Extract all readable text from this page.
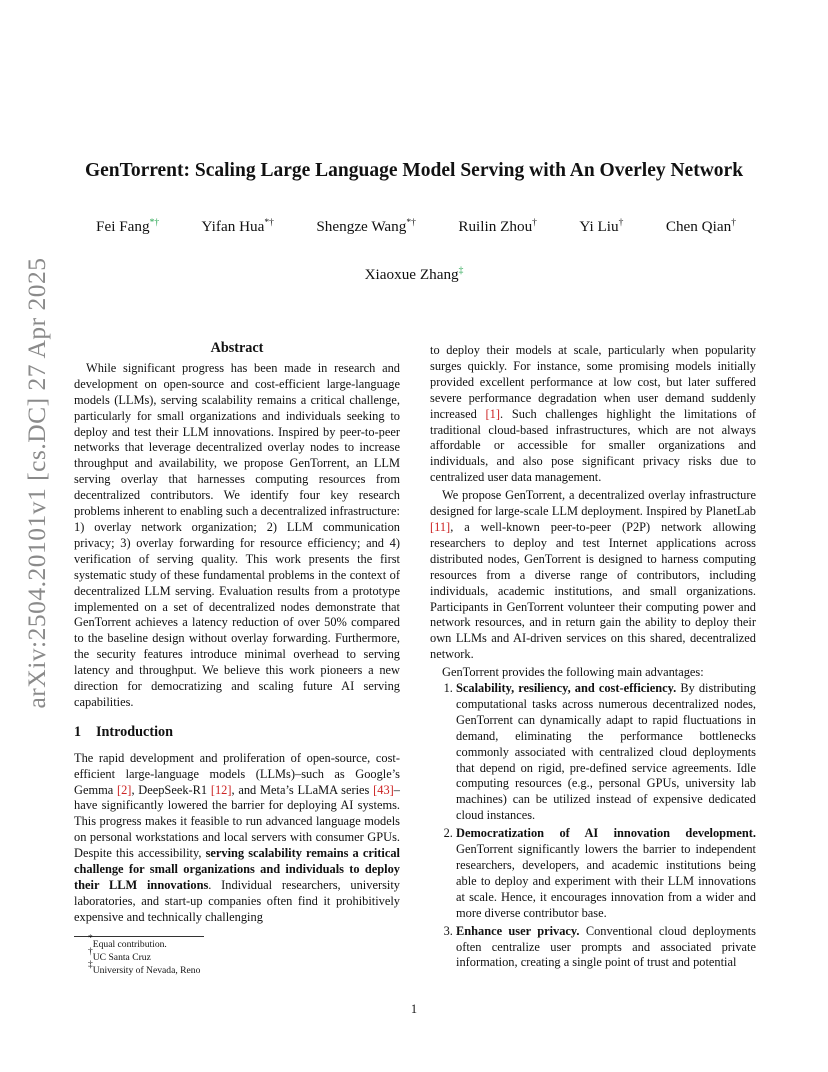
arXiv:2504.20101v1 [cs.DC] 27 Apr 2025
GenTorrent: Scaling Large Language Model Serving with An Overley Network
Fei Fang*†	Yifan Hua*†	Shengze Wang*†	Ruilin Zhou†	Yi Liu†	Chen Qian†
Xiaoxue Zhang‡
Abstract

While significant progress has been made in research and development on open-source and cost-efficient large-language models (LLMs), serving scalability remains a critical challenge, particularly for small organizations and individuals seeking to deploy and test their LLM innovations. Inspired by peer-to-peer networks that leverage decentralized overlay nodes to increase throughput and availability, we propose GenTorrent, an LLM serving overlay that harnesses computing resources from decentralized contributors. We identify four key research problems inherent to enabling such a decentralized infrastructure: 1) overlay network organization; 2) LLM communication privacy; 3) overlay forwarding for resource efficiency; and 4) verification of serving quality. This work presents the first systematic study of these fundamental problems in the context of decentralized LLM serving. Evaluation results from a prototype implemented on a set of decentralized nodes demonstrate that GenTorrent achieves a latency reduction of over 50% compared to the baseline design without overlay forwarding. Furthermore, the security features introduce minimal overhead to serving latency and throughput. We believe this work pioneers a new direction for democratizing and scaling future AI serving capabilities.

1 Introduction

The rapid development and proliferation of open-source, cost-efficient large-language models (LLMs)–such as Google’s Gemma [2], DeepSeek-R1 [12], and Meta’s LLaMA series [43]–have significantly lowered the barrier for deploying AI systems. This progress makes it feasible to run advanced language models on personal workstations and local servers with consumer GPUs. Despite this accessibility, serving scalability remains a critical challenge for small organizations and individuals to deploy their LLM innovations. Individual researchers, university laboratories, and start-up companies often find it prohibitively expensive and technically challenging

to deploy their models at scale, particularly when popularity surges quickly. For instance, some promising models initially provided excellent performance at low cost, but later suffered severe performance degradation when user demand suddenly increased [1]. Such challenges highlight the limitations of traditional cloud-based infrastructures, which are not always affordable or accessible for smaller organizations and individuals, and also pose significant privacy risks due to centralized user data management.

We propose GenTorrent, a decentralized overlay infrastructure designed for large-scale LLM deployment. Inspired by PlanetLab [11], a well-known peer-to-peer (P2P) network allowing researchers to deploy and test Internet applications across distributed nodes, GenTorrent is designed to harness computing resources from a diverse range of contributors, including individuals, academic institutions, and small organizations. Participants in GenTorrent volunteer their computing power and network resources, and in return gain the ability to deploy their own LLMs and AI-driven services on this shared, decentralized network.

GenTorrent provides the following main advantages:

1. Scalability, resiliency, and cost-efficiency. By distributing computational tasks across numerous decentralized nodes, GenTorrent can dynamically adapt to rapid fluctuations in demand, eliminating the performance bottlenecks commonly associated with centralized cloud deployments that depend on rigid, pre-defined service agreements. Idle computing resources (e.g., personal GPUs, university lab machines) can be utilized instead of expensive dedicated cloud instances.
2. Democratization of AI innovation development. GenTorrent significantly lowers the barrier to independent researchers, developers, and academic institutions being able to deploy and experiment with their LLM innovations at scale. Hence, it encourages innovation from a wider and more diverse contributor base.
3. Enhance user privacy. Conventional cloud deployments often centralize user prompts and associated private information, creating a single point of trust and potential
*Equal contribution.
†UC Santa Cruz
‡University of Nevada, Reno
1
